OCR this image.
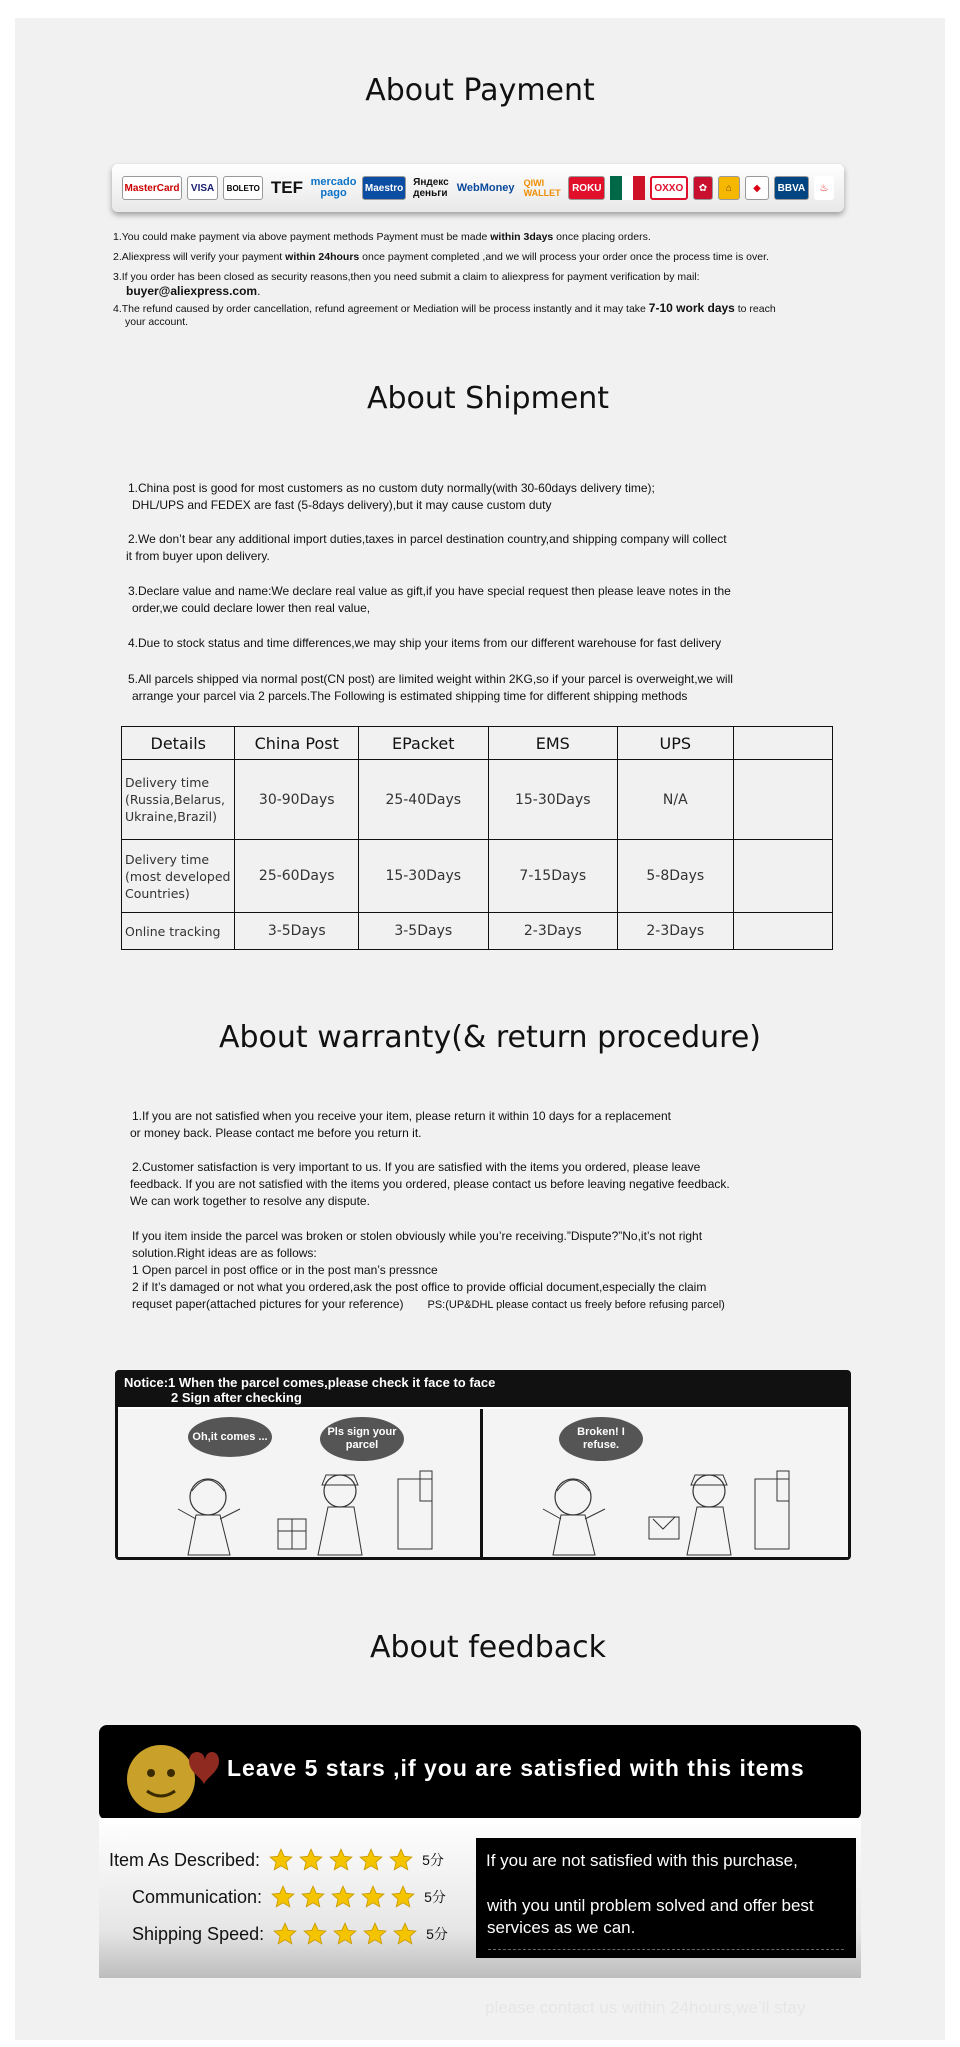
About Payment
MasterCard	VISA	BOLETO TEF mercado pago	Maestro Яндекс деньги WebMoney	QIWI WALLET	ROKU	OXXO	✿	⌂	◆	BBVA	♨
1.You could make payment via above payment methods Payment must be made within 3days once placing orders.
2.Aliexpress will verify your payment within 24hours once payment completed ,and we will process your order once the process time is over.
3.If you order has been closed as security reasons,then you need submit a claim to aliexpress for payment verification by mail:
buyer@aliexpress.com.
4.The refund caused by order cancellation, refund agreement or Mediation will be process instantly and it may take 7-10 work days to reach
your account.
About Shipment
1.China post is good for most customers as no custom duty normally(with 30-60days delivery time);
DHL/UPS and FEDEX are fast (5-8days delivery),but it may cause custom duty
2.We don’t bear any additional import duties,taxes in parcel destination country,and shipping company will collect
it from buyer upon delivery.
3.Declare value and name:We declare real value as gift,if you have special request then please leave notes in the
order,we could declare lower then real value,
4.Due to stock status and time differences,we may ship your items from our different warehouse for fast delivery
5.All parcels shipped via normal post(CN post) are limited weight within 2KG,so if your parcel is overweight,we will
arrange your parcel via 2 parcels.The Following is estimated shipping time for different shipping methods
Details	China Post	EPacket	EMS	UPS	
Delivery time (Russia,Belarus, Ukraine,Brazil)	30-90Days	25-40Days	15-30Days	N/A	
Delivery time (most developed Countries)	25-60Days	15-30Days	7-15Days	5-8Days	
Online tracking	3-5Days	3-5Days	2-3Days	2-3Days	
About warranty(& return procedure)
1.If you are not satisfied when you receive your item, please return it within 10 days for a replacement
or money back. Please contact me before you return it.
2.Customer satisfaction is very important to us. If you are satisfied with the items you ordered, please leave
feedback. If you are not satisfied with the items you ordered, please contact us before leaving negative feedback.
We can work together to resolve any dispute.
If you item inside the parcel was broken or stolen obviously while you’re receiving.”Dispute?”No,it’s not right
solution.Right ideas are as follows:
1 Open parcel in post office or in the post man’s pressnce
2 if It’s damaged or not what you ordered,ask the post office to provide official document,especially the claim
requset paper(attached pictures for your reference) PS:(UP&DHL please contact us freely before refusing parcel)
Notice:1 When the parcel comes,please check it face to face
2 Sign after checking
Oh,it comes ...	Pls sign your parcel
Broken! I refuse.
About feedback
Leave 5 stars ,if you are satisfied with this items
Item As Described:	5分
Communication:	5分
Shipping Speed:	5分
If you are not satisfied with this purchase,
with you until problem solved and offer best services as we can.
please contact us within 24hours,we’ll stay
